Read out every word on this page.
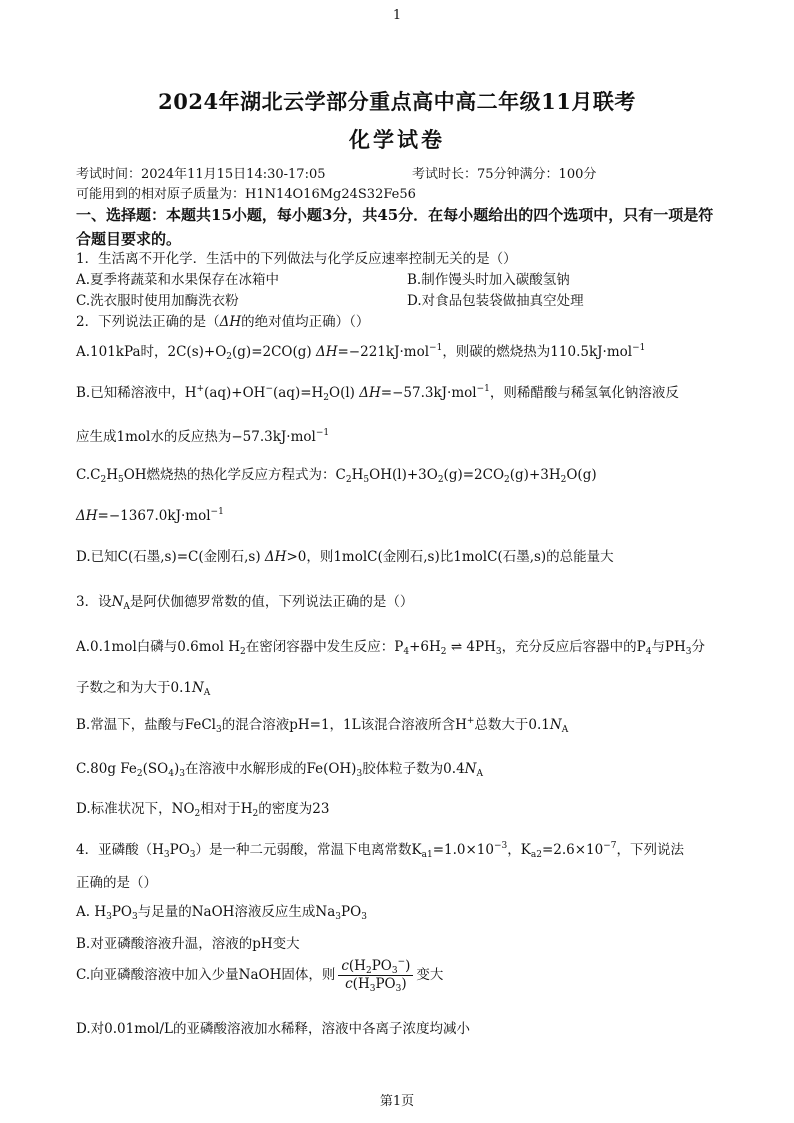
1
2024年湖北云学部分重点高中高二年级11月联考
化学试卷
考试时间：2024年11月15日14:30-17:05	考试时长：75分钟满分：100分
可能用到的相对原子质量为：H1N14O16Mg24S32Fe56
一、选择题：本题共15小题，每小题3分，共45分．在每小题给出的四个选项中，只有一项是符合题目要求的。
1．生活离不开化学．生活中的下列做法与化学反应速率控制无关的是（）
A.夏季将蔬菜和水果保存在冰箱中	B.制作馒头时加入碳酸氢钠
C.洗衣服时使用加酶洗衣粉	D.对食品包装袋做抽真空处理
2．下列说法正确的是（ΔH的绝对值均正确）（）
A.101kPa时，$2C(s)+O_2(g)=2CO(g)$ ΔH=−221kJ·mol$^{-1}$，则碳的燃烧热为110.5kJ·mol$^{-1}$
B.已知稀溶液中，$H^+(aq)+OH^-(aq)=H_2O(l)$ ΔH=−57.3kJ·mol$^{-1}$，则稀醋酸与稀氢氧化钠溶液反
应生成1mol水的反应热为−57.3kJ·mol$^{-1}$
$C.C_2H_5OH$燃烧热的热化学反应方程式为：$C_2H_5OH(l)+3O_2(g)=2CO_2(g)+3H_2O(g)$
ΔH=−1367.0kJ·mol$^{-1}$
D.已知C(石墨,s)=C(金刚石,s) ΔH>0，则1molC(金刚石,s)比1molC(石墨,s)的总能量大
3．设$N_A$是阿伏伽德罗常数的值，下列说法正确的是（）
A.0.1mol白磷与0.6mol $H_2$在密闭容器中发生反应：$P_4+6H_2$ ⇌ $4PH_3$，充分反应后容器中的$P_4$与$PH_3$分
子数之和为大于$0.1N_A$
B.常温下，盐酸与FeCl$_3$的混合溶液pH=1，1L该混合溶液所含H+总数大于$0.1N_A$
C.80g $Fe_2(SO_4)_3$在溶液中水解形成的$Fe(OH)_3$胶体粒子数为$0.4N_A$
D.标准状况下，$NO_2$相对于$H_2$的密度为23
4．亚磷酸$(H_3PO_3)$是一种二元弱酸，常温下电离常数$K_{a1}=1.0\times 10^{-3}$，$K_{a2}=2.6\times 10^{-7}$，下列说法
正确的是（）
A. $H_3PO_3$与足量的NaOH溶液反应生成$Na_3PO_3$
B.对亚磷酸溶液升温，溶液的pH变大
C.向亚磷酸溶液中加入少量NaOH固体，则 $\frac{c(H_2PO_3^-)}{c(H_3PO_3)}$ 变大
D.对0.01mol/L的亚磷酸溶液加水稀释，溶液中各离子浓度均减小
第1页
